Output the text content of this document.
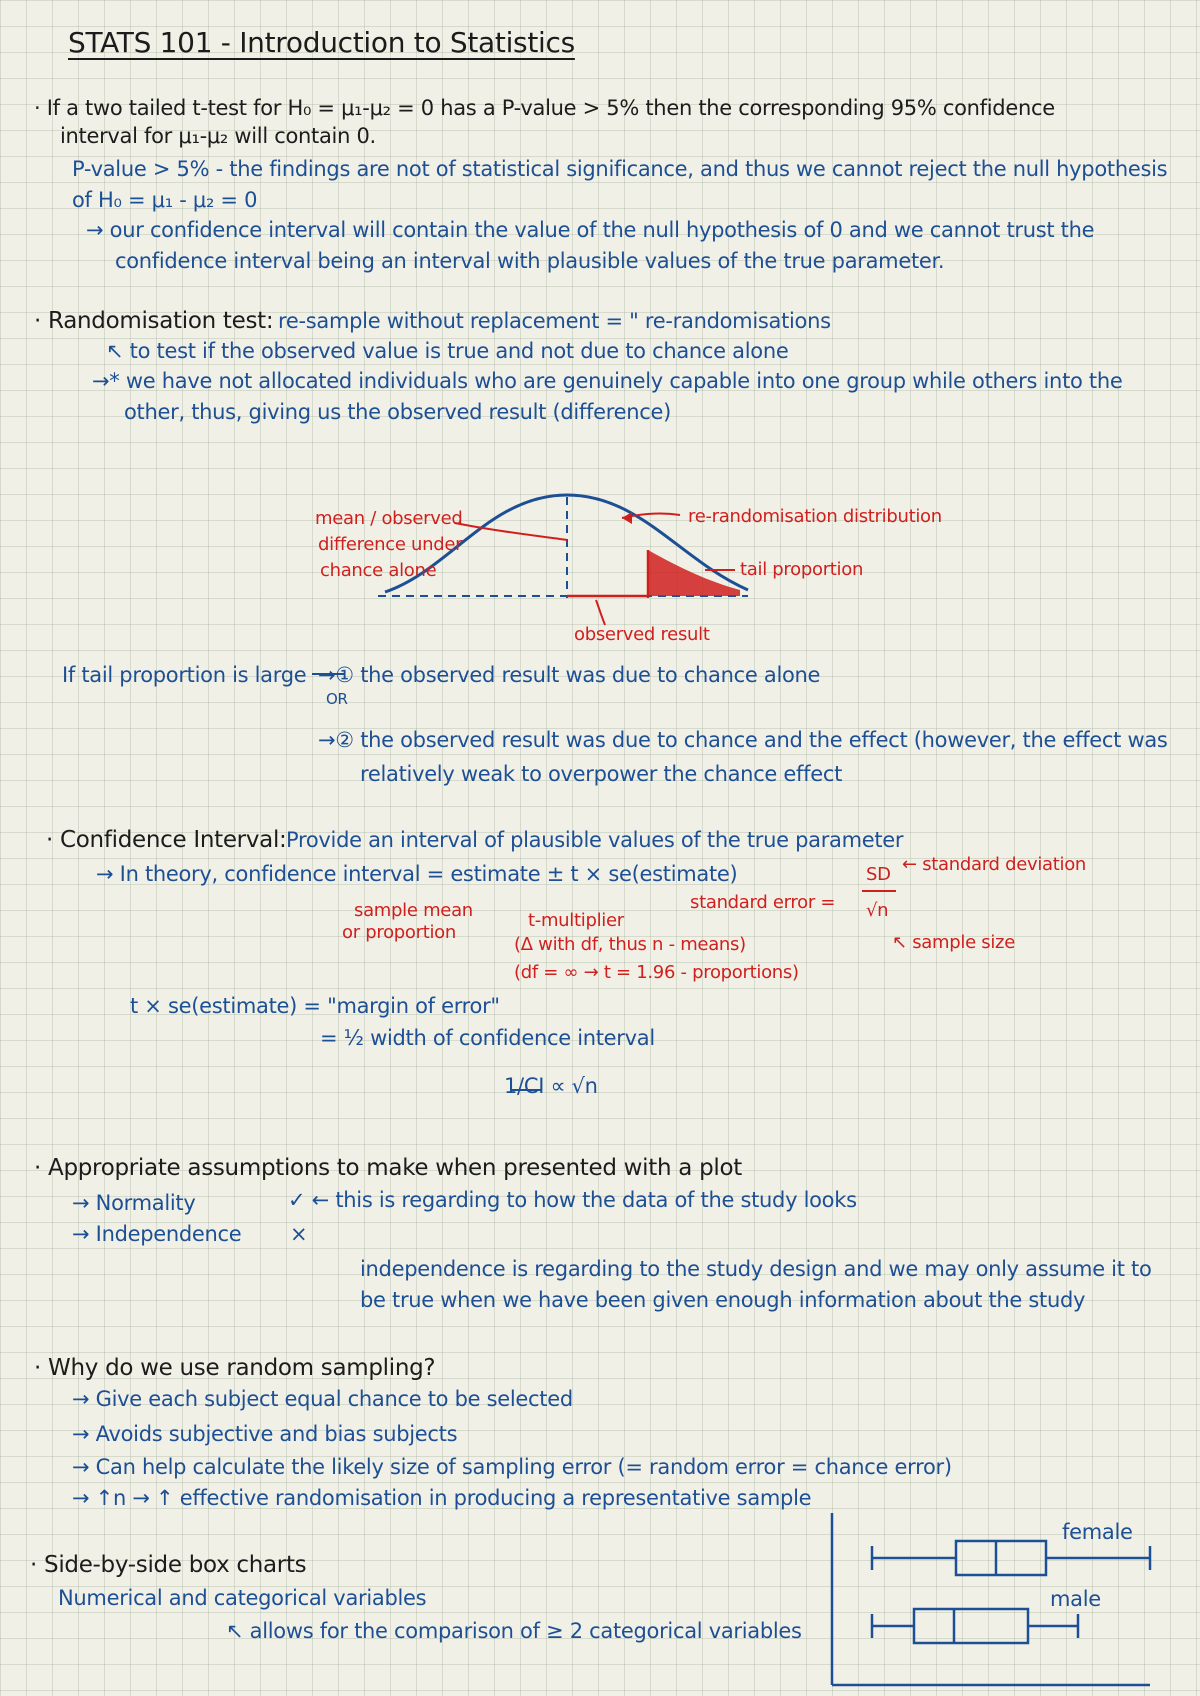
STATS 101 - Introduction to Statistics
· If a two tailed t-test for H₀ = μ₁-μ₂ = 0 has a P-value > 5% then the corresponding 95% confidence
interval for μ₁-μ₂ will contain 0.
P-value > 5% - the findings are not of statistical significance, and thus we cannot reject the null hypothesis
of H₀ = μ₁ - μ₂ = 0
→ our confidence interval will contain the value of the null hypothesis of 0 and we cannot trust the
confidence interval being an interval with plausible values of the true parameter.
· Randomisation test: re-sample without replacement = " re-randomisations
↖ to test if the observed value is true and not due to chance alone
→* we have not allocated individuals who are genuinely capable into one group while others into the
other, thus, giving us the observed result (difference)
mean / observed
difference under
chance alone
re-randomisation distribution
tail proportion
observed result
If tail proportion is large →① the observed result was due to chance alone
OR
→② the observed result was due to chance and the effect (however, the effect was
relatively weak to overpower the chance effect
· Confidence Interval: Provide an interval of plausible values of the true parameter
→ In theory, confidence interval = estimate ± t × se(estimate)	SD
√n
← standard deviation
standard error =
sample mean
or proportion
t-multiplier
(Δ with df, thus n - means)
(df = ∞ → t = 1.96 - proportions)
↖ sample size
t × se(estimate) = "margin of error"
= ½ width of confidence interval
1/CI ∝ √n
· Appropriate assumptions to make when presented with a plot
→ Normality	✓ ← this is regarding to how the data of the study looks
→ Independence ×
independence is regarding to the study design and we may only assume it to
be true when we have been given enough information about the study
· Why do we use random sampling?
→ Give each subject equal chance to be selected
→ Avoids subjective and bias subjects
→ Can help calculate the likely size of sampling error (= random error = chance error)
→ ↑n → ↑ effective randomisation in producing a representative sample
· Side-by-side box charts
Numerical and categorical variables
↖ allows for the comparison of ≥ 2 categorical variables
female
male
